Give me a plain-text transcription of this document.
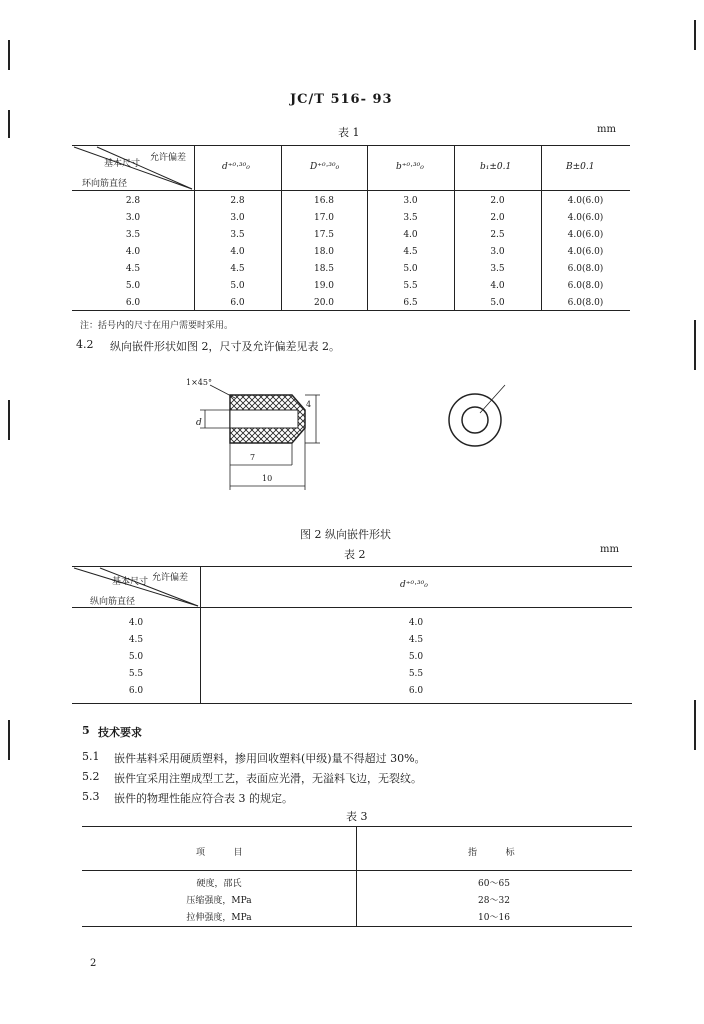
JC/T 516- 93
表 1	mm
允许偏差
基本尺寸
环向筋直径
d⁺⁰·³⁰₀	D⁺⁰·³⁰₀	b⁺⁰·³⁰₀	b₁±0.1	B±0.1
2.8	2.8	16.8	3.0	2.0	4.0(6.0)
3.0	3.0	17.0	3.5	2.0	4.0(6.0)
3.5	3.5	17.5	4.0	2.5	4.0(6.0)
4.0	4.0	18.0	4.5	3.0	4.0(6.0)
4.5	4.5	18.5	5.0	3.5	6.0(8.0)
5.0	5.0	19.0	5.5	4.0	6.0(8.0)
6.0	6.0	20.0	6.5	5.0	6.0(8.0)
注：括号内的尺寸在用户需要时采用。
4.2 纵向嵌件形状如图 2，尺寸及允许偏差见表 2。
1×45°
d
4
7
10
图 2 纵向嵌件形状
表 2	mm
允许偏差
基本尺寸
纵向筋直径
d⁺⁰·³⁰₀
4.0	4.0
4.5	4.5
5.0	5.0
5.5	5.5
6.0	6.0
5 技术要求
5.1 嵌件基料采用硬质塑料，掺用回收塑料(甲级)量不得超过 30%。
5.2 嵌件宜采用注塑成型工艺，表面应光滑，无溢料飞边，无裂纹。
5.3 嵌件的物理性能应符合表 3 的规定。
表 3
项          目	指          标
硬度，邵氏	60～65
压缩强度，MPa	28～32
拉伸强度，MPa	10～16
2
